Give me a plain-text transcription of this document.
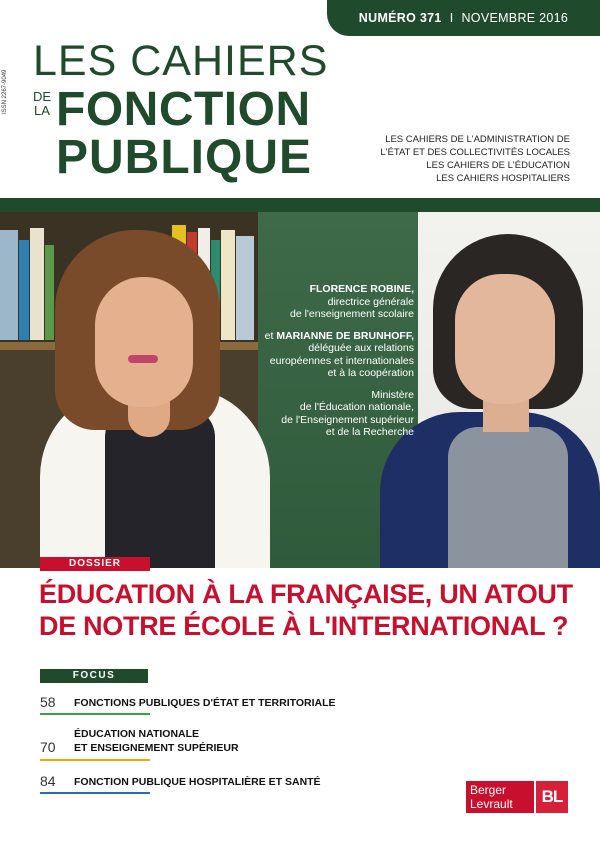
NUMÉRO 371 I NOVEMBRE 2016
ISSN 2267-9049
LES CAHIERS
DE
LA FONCTION
PUBLIQUE	LES CAHIERS DE L'ADMINISTRATION DE
L'ÉTAT ET DES COLLECTIVITÉS LOCALES
LES CAHIERS DE L'ÉDUCATION
LES CAHIERS HOSPITALIERS

FLORENCE ROBINE,
directrice générale
de l'enseignement scolaire

et MARIANNE DE BRUNHOFF,
déléguée aux relations
européennes et internationales
et à la coopération

Ministère
de l'Éducation nationale,
de l'Enseignement supérieur
et de la Recherche

DOSSIER
ÉDUCATION À LA FRANÇAISE, UN ATOUT
DE NOTRE ÉCOLE À L'INTERNATIONAL ?
FOCUS
58 FONCTIONS PUBLIQUES D'ÉTAT ET TERRITORIALE
70
ÉDUCATION NATIONALE
ET ENSEIGNEMENT SUPÉRIEUR
84 FONCTION PUBLIQUE HOSPITALIÈRE ET SANTÉ
Berger
Levrault	BL
